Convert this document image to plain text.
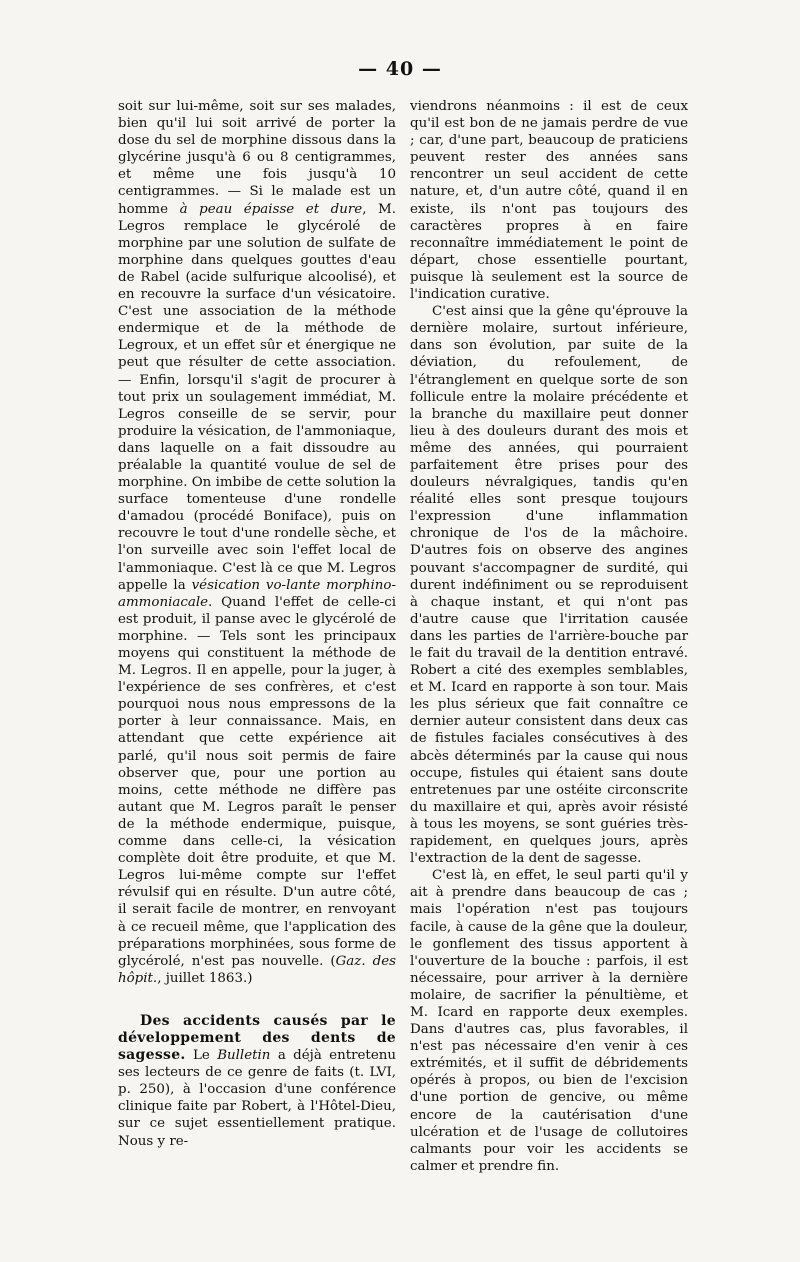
— 40 —

soit sur lui-même, soit sur ses malades, bien qu'il lui soit arrivé de porter la dose du sel de morphine dissous dans la glycérine jusqu'à 6 ou 8 centigrammes, et même une fois jusqu'à 10 centigrammes. — Si le malade est un homme à peau épaisse et dure, M. Legros remplace le glycérolé de morphine par une solution de sulfate de morphine dans quelques gouttes d'eau de Rabel (acide sulfurique alcoolisé), et en recouvre la surface d'un vésicatoire. C'est une association de la méthode endermique et de la méthode de Legroux, et un effet sûr et énergique ne peut que résulter de cette association. — Enfin, lorsqu'il s'agit de procurer à tout prix un soulagement immédiat, M. Legros conseille de se servir, pour produire la vésication, de l'ammoniaque, dans laquelle on a fait dissoudre au préalable la quantité voulue de sel de morphine. On imbibe de cette solution la surface tomenteuse d'une rondelle d'amadou (procédé Boniface), puis on recouvre le tout d'une rondelle sèche, et l'on surveille avec soin l'effet local de l'ammoniaque. C'est là ce que M. Legros appelle la vésication vo-lante morphino-ammoniacale. Quand l'effet de celle-ci est produit, il panse avec le glycérolé de morphine. — Tels sont les principaux moyens qui constituent la méthode de M. Legros. Il en appelle, pour la juger, à l'expérience de ses confrères, et c'est pourquoi nous nous empressons de la porter à leur connaissance. Mais, en attendant que cette expérience ait parlé, qu'il nous soit permis de faire observer que, pour une portion au moins, cette méthode ne diffère pas autant que M. Legros paraît le penser de la méthode endermique, puisque, comme dans celle-ci, la vésication complète doit être produite, et que M. Legros lui-même compte sur l'effet révulsif qui en résulte. D'un autre côté, il serait facile de montrer, en renvoyant à ce recueil même, que l'application des préparations morphinées, sous forme de glycérolé, n'est pas nouvelle. (Gaz. des hôpit., juillet 1863.)

Des accidents causés par le développement des dents de sagesse. Le Bulletin a déjà entretenu ses lecteurs de ce genre de faits (t. LVI, p. 250), à l'occasion d'une conférence clinique faite par Robert, à l'Hôtel-Dieu, sur ce sujet essentiellement pratique. Nous y re-

viendrons néanmoins : il est de ceux qu'il est bon de ne jamais perdre de vue ; car, d'une part, beaucoup de praticiens peuvent rester des années sans rencontrer un seul accident de cette nature, et, d'un autre côté, quand il en existe, ils n'ont pas toujours des caractères propres à en faire reconnaître immédiatement le point de départ, chose essentielle pourtant, puisque là seulement est la source de l'indication curative.

C'est ainsi que la gêne qu'éprouve la dernière molaire, surtout inférieure, dans son évolution, par suite de la déviation, du refoulement, de l'étranglement en quelque sorte de son follicule entre la molaire précédente et la branche du maxillaire peut donner lieu à des douleurs durant des mois et même des années, qui pourraient parfaitement être prises pour des douleurs névralgiques, tandis qu'en réalité elles sont presque toujours l'expression d'une inflammation chronique de l'os de la mâchoire. D'autres fois on observe des angines pouvant s'accompagner de surdité, qui durent indéfiniment ou se reproduisent à chaque instant, et qui n'ont pas d'autre cause que l'irritation causée dans les parties de l'arrière-bouche par le fait du travail de la dentition entravé. Robert a cité des exemples semblables, et M. Icard en rapporte à son tour. Mais les plus sérieux que fait connaître ce dernier auteur consistent dans deux cas de fistules faciales consécutives à des abcès déterminés par la cause qui nous occupe, fistules qui étaient sans doute entretenues par une ostéite circonscrite du maxillaire et qui, après avoir résisté à tous les moyens, se sont guéries très-rapidement, en quelques jours, après l'extraction de la dent de sagesse.

C'est là, en effet, le seul parti qu'il y ait à prendre dans beaucoup de cas ; mais l'opération n'est pas toujours facile, à cause de la gêne que la douleur, le gonflement des tissus apportent à l'ouverture de la bouche : parfois, il est nécessaire, pour arriver à la dernière molaire, de sacrifier la pénultième, et M. Icard en rapporte deux exemples. Dans d'autres cas, plus favorables, il n'est pas nécessaire d'en venir à ces extrémités, et il suffit de débridements opérés à propos, ou bien de l'excision d'une portion de gencive, ou même encore de la cautérisation d'une ulcération et de l'usage de collutoires calmants pour voir les accidents se calmer et prendre fin.
